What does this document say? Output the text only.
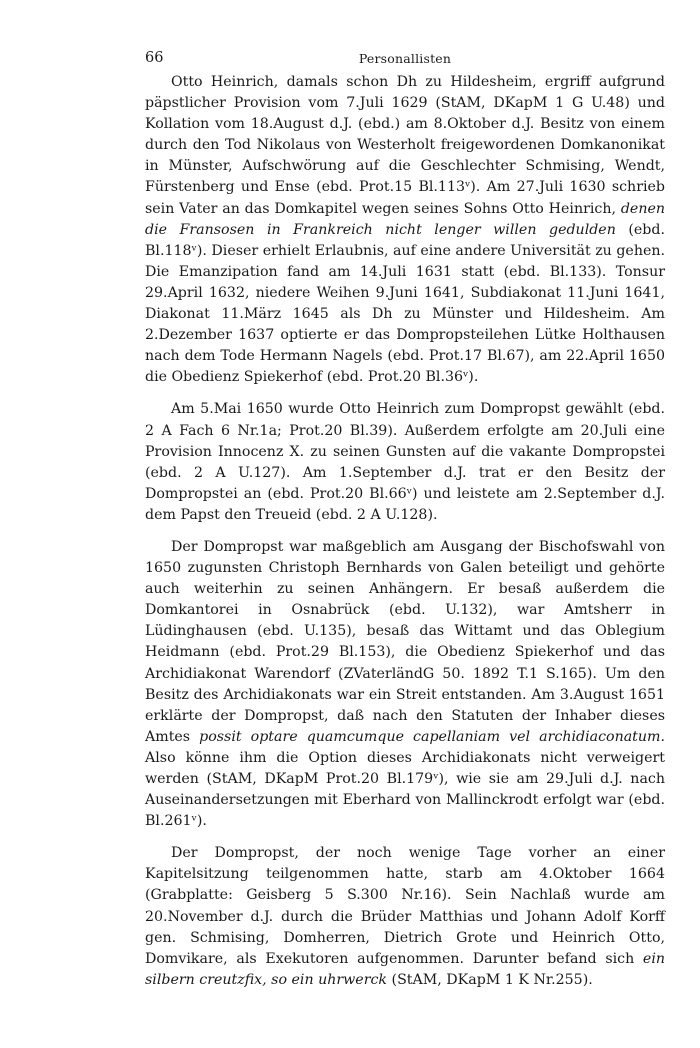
66	Personallisten

Otto Heinrich, damals schon Dh zu Hildesheim, ergriff aufgrund päpstlicher Provision vom 7.Juli 1629 (StAM, DKapM 1 G U.48) und Kollation vom 18.August d.J. (ebd.) am 8.Oktober d.J. Besitz von einem durch den Tod Nikolaus von Westerholt freigewordenen Domkanonikat in Münster, Aufschwörung auf die Geschlechter Schmising, Wendt, Fürstenberg und Ense (ebd. Prot.15 Bl.113ᵛ). Am 27.Juli 1630 schrieb sein Vater an das Domkapitel wegen seines Sohns Otto Heinrich, denen die Fransosen in Frankreich nicht lenger willen gedulden (ebd. Bl.118ᵛ). Dieser erhielt Erlaubnis, auf eine andere Universität zu gehen. Die Emanzipation fand am 14.Juli 1631 statt (ebd. Bl.133). Tonsur 29.April 1632, niedere Weihen 9.Juni 1641, Subdiakonat 11.Juni 1641, Diakonat 11.März 1645 als Dh zu Münster und Hildesheim. Am 2.Dezember 1637 optierte er das Dompropsteilehen Lütke Holthausen nach dem Tode Hermann Nagels (ebd. Prot.17 Bl.67), am 22.April 1650 die Obedienz Spiekerhof (ebd. Prot.20 Bl.36ᵛ).

Am 5.Mai 1650 wurde Otto Heinrich zum Dompropst gewählt (ebd. 2 A Fach 6 Nr.1a; Prot.20 Bl.39). Außerdem erfolgte am 20.Juli eine Provision Innocenz X. zu seinen Gunsten auf die vakante Dompropstei (ebd. 2 A U.127). Am 1.September d.J. trat er den Besitz der Dompropstei an (ebd. Prot.20 Bl.66ᵛ) und leistete am 2.September d.J. dem Papst den Treueid (ebd. 2 A U.128).

Der Dompropst war maßgeblich am Ausgang der Bischofswahl von 1650 zugunsten Christoph Bernhards von Galen beteiligt und gehörte auch weiterhin zu seinen Anhängern. Er besaß außerdem die Domkantorei in Osnabrück (ebd. U.132), war Amtsherr in Lüdinghausen (ebd. U.135), besaß das Wittamt und das Oblegium Heidmann (ebd. Prot.29 Bl.153), die Obedienz Spiekerhof und das Archidiakonat Warendorf (ZVaterländG 50. 1892 T.1 S.165). Um den Besitz des Archidiakonats war ein Streit entstanden. Am 3.August 1651 erklärte der Dompropst, daß nach den Statuten der Inhaber dieses Amtes possit optare quamcumque capellaniam vel archidiaconatum. Also könne ihm die Option dieses Archidiakonats nicht verweigert werden (StAM, DKapM Prot.20 Bl.179ᵛ), wie sie am 29.Juli d.J. nach Auseinandersetzungen mit Eberhard von Mallinckrodt erfolgt war (ebd. Bl.261ᵛ).

Der Dompropst, der noch wenige Tage vorher an einer Kapitelsitzung teilgenommen hatte, starb am 4.Oktober 1664 (Grabplatte: Geisberg 5 S.300 Nr.16). Sein Nachlaß wurde am 20.November d.J. durch die Brüder Matthias und Johann Adolf Korff gen. Schmising, Domherren, Dietrich Grote und Heinrich Otto, Domvikare, als Exekutoren aufgenommen. Darunter befand sich ein silbern creutzfix, so ein uhrwerck (StAM, DKapM 1 K Nr.255).
